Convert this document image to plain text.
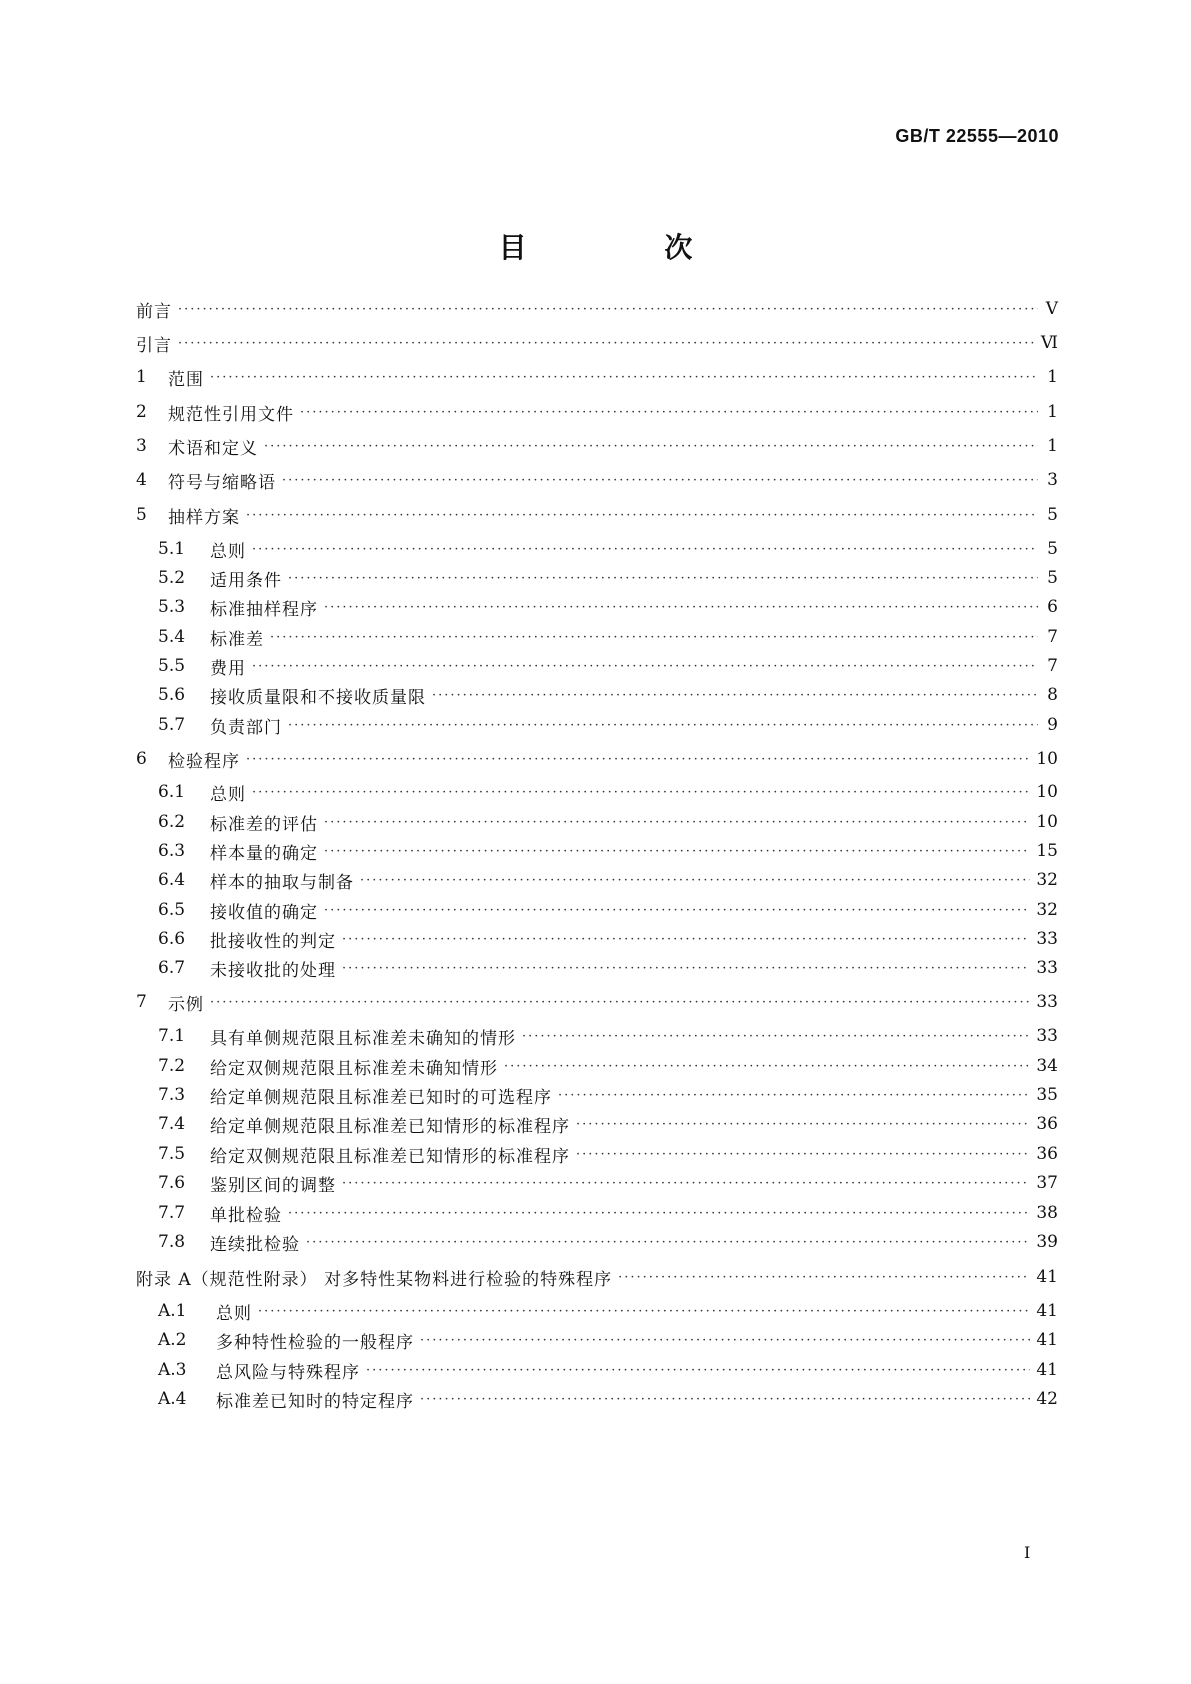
GB/T 22555—2010
目 次
前言 ·····	Ⅴ
引言 ·····	Ⅵ
1	范围 ·····	1
2	规范性引用文件 ·····	1
3	术语和定义 ·····	1
4	符号与缩略语 ·····	3
5	抽样方案 ·····	5
5.1	总则 ·····	5
5.2	适用条件 ·····	5
5.3	标准抽样程序 ·····	6
5.4	标准差 ·····	7
5.5	费用 ·····	7
5.6	接收质量限和不接收质量限 ·····	8
5.7	负责部门 ·····	9
6	检验程序 ·····	10
6.1	总则 ·····	10
6.2	标准差的评估 ·····	10
6.3	样本量的确定 ·····	15
6.4	样本的抽取与制备 ·····	32
6.5	接收值的确定 ·····	32
6.6	批接收性的判定 ·····	33
6.7	未接收批的处理 ·····	33
7	示例 ·····	33
7.1	具有单侧规范限且标准差未确知的情形 ·····	33
7.2	给定双侧规范限且标准差未确知情形 ·····	34
7.3	给定单侧规范限且标准差已知时的可选程序 ·····	35
7.4	给定单侧规范限且标准差已知情形的标准程序 ·····	36
7.5	给定双侧规范限且标准差已知情形的标准程序 ·····	36
7.6	鉴别区间的调整 ·····	37
7.7	单批检验 ·····	38
7.8	连续批检验 ·····	39
附录 A（规范性附录） 对多特性某物料进行检验的特殊程序 ·····	41
A.1	总则 ·····	41
A.2	多种特性检验的一般程序 ·····	41
A.3	总风险与特殊程序 ·····	41
A.4	标准差已知时的特定程序 ·····	42
I
